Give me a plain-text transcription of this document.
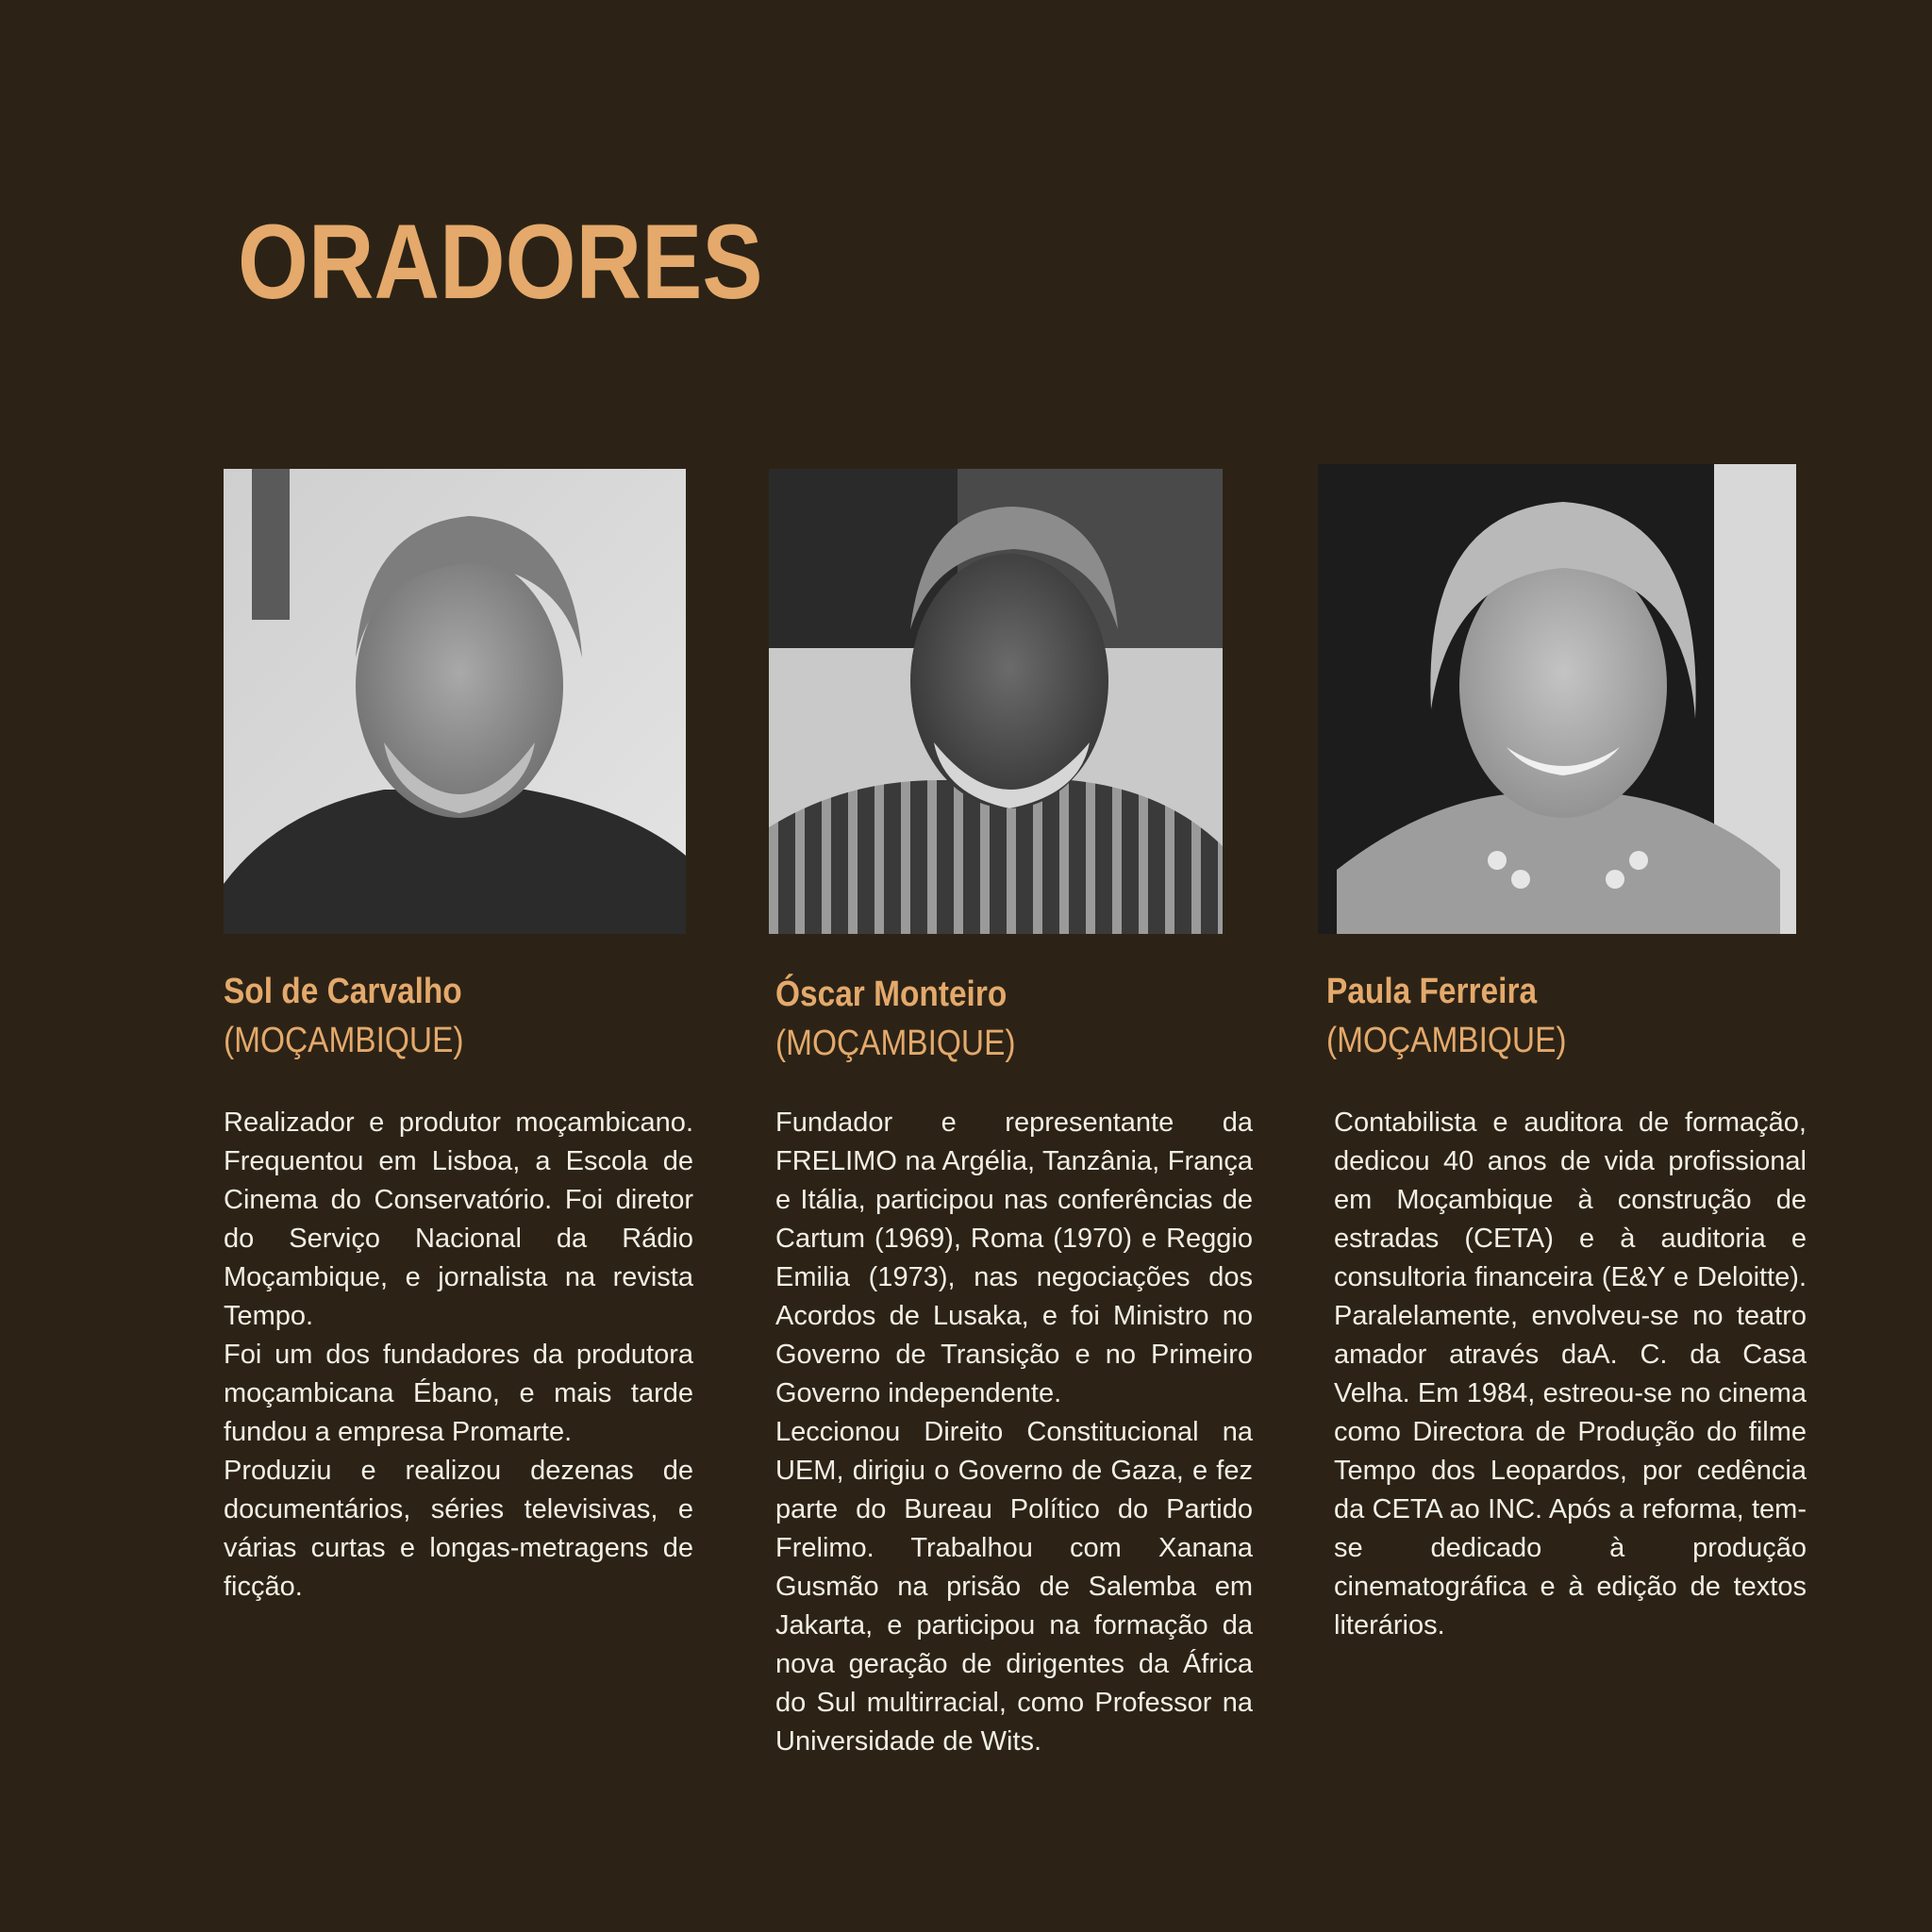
ORADORES
Sol de Carvalho
(MOÇAMBIQUE)

Realizador e produtor moçambicano. Frequentou em Lisboa, a Escola de Cinema do Conservatório. Foi diretor do Serviço Nacional da Rádio Moçambique, e jornalista na revista Tempo.

Foi um dos fundadores da produtora moçambicana Ébano, e mais tarde fundou a empresa Promarte.

Produziu e realizou dezenas de documentários, séries televisivas, e várias curtas e longas-metragens de ficção.

Óscar Monteiro
(MOÇAMBIQUE)

Fundador e representante da FRELIMO na Argélia, Tanzânia, França e Itália, participou nas conferências de Cartum (1969), Roma (1970) e Reggio Emilia (1973), nas negociações dos Acordos de Lusaka, e foi Ministro no Governo de Transição e no Primeiro Governo independente.

Leccionou Direito Constitucional na UEM, dirigiu o Governo de Gaza, e fez parte do Bureau Político do Partido Frelimo. Trabalhou com Xanana Gusmão na prisão de Salemba em Jakarta, e participou na formação da nova geração de dirigentes da África do Sul multirracial, como Professor na Universidade de Wits.

Paula Ferreira
(MOÇAMBIQUE)

Contabilista e auditora de formação, dedicou 40 anos de vida profissional em Moçambique à construção de estradas (CETA) e à auditoria e consultoria financeira (E&Y e Deloitte). Paralelamente, envolveu-se no teatro amador através daA. C. da Casa Velha. Em 1984, estreou-se no cinema como Directora de Produção do filme Tempo dos Leopardos, por cedência da CETA ao INC. Após a reforma, tem-se dedicado à produção cinematográfica e à edição de textos literários.
